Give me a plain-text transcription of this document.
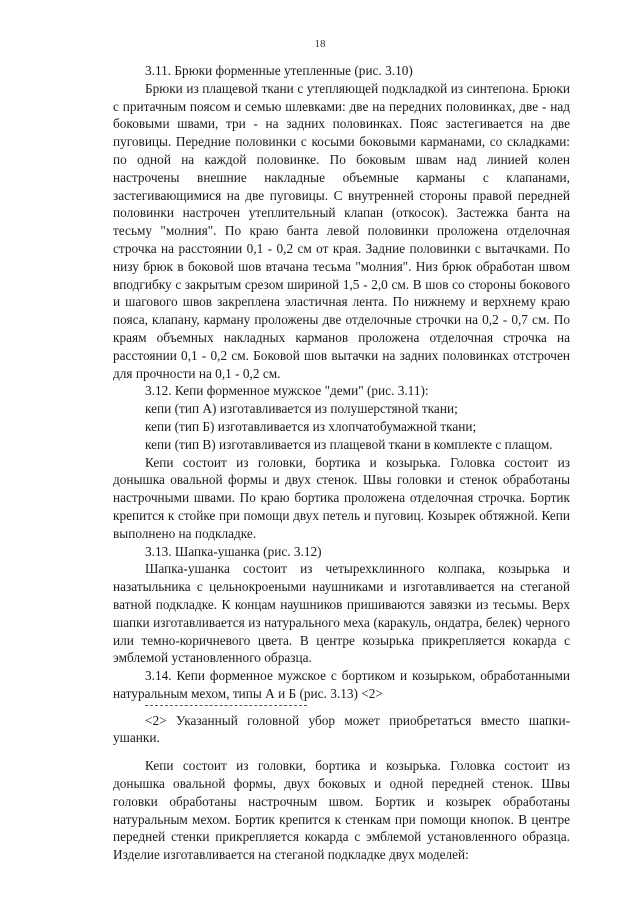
18

3.11. Брюки форменные утепленные (рис. 3.10)

Брюки из плащевой ткани с утепляющей подкладкой из синтепона. Брюки с притачным поясом и семью шлевками: две на передних половинках, две - над боковыми швами, три - на задних половинках. Пояс застегивается на две пуговицы. Передние половинки с косыми боковыми карманами, со складками: по одной на каждой половинке. По боковым швам над линией колен настрочены внешние накладные объемные карманы с клапанами, застегивающимися на две пуговицы. С внутренней стороны правой передней половинки настрочен утеплительный клапан (откосок). Застежка банта на тесьму "молния". По краю банта левой половинки проложена отделочная строчка на расстоянии 0,1 - 0,2 см от края. Задние половинки с вытачками. По низу брюк в боковой шов втачана тесьма "молния". Низ брюк обработан швом вподгибку с закрытым срезом шириной 1,5 - 2,0 см. В шов со стороны бокового и шагового швов закреплена эластичная лента. По нижнему и верхнему краю пояса, клапану, карману проложены две отделочные строчки на 0,2 - 0,7 см. По краям объемных накладных карманов проложена отделочная строчка на расстоянии 0,1 - 0,2 см. Боковой шов вытачки на задних половинках отстрочен для прочности на 0,1 - 0,2 см.

3.12. Кепи форменное мужское "деми" (рис. 3.11):

кепи (тип А) изготавливается из полушерстяной ткани;

кепи (тип Б) изготавливается из хлопчатобумажной ткани;

кепи (тип В) изготавливается из плащевой ткани в комплекте с плащом.

Кепи состоит из головки, бортика и козырька. Головка состоит из донышка овальной формы и двух стенок. Швы головки и стенок обработаны настрочными швами. По краю бортика проложена отделочная строчка. Бортик крепится к стойке при помощи двух петель и пуговиц. Козырек обтяжной. Кепи выполнено на подкладке.

3.13. Шапка-ушанка (рис. 3.12)

Шапка-ушанка состоит из четырехклинного колпака, козырька и назатыльника с цельнокроеными наушниками и изготавливается на стеганой ватной подкладке. К концам наушников пришиваются завязки из тесьмы. Верх шапки изготавливается из натурального меха (каракуль, ондатра, белек) черного или темно-коричневого цвета. В центре козырька прикрепляется кокарда с эмблемой установленного образца.

3.14. Кепи форменное мужское с бортиком и козырьком, обработанными натуральным мехом, типы А и Б (рис. 3.13) <2>

<2> Указанный головной убор может приобретаться вместо шапки-ушанки.

Кепи состоит из головки, бортика и козырька. Головка состоит из донышка овальной формы, двух боковых и одной передней стенок. Швы головки обработаны настрочным швом. Бортик и козырек обработаны натуральным мехом. Бортик крепится к стенкам при помощи кнопок. В центре передней стенки прикрепляется кокарда с эмблемой установленного образца. Изделие изготавливается на стеганой подкладке двух моделей:
